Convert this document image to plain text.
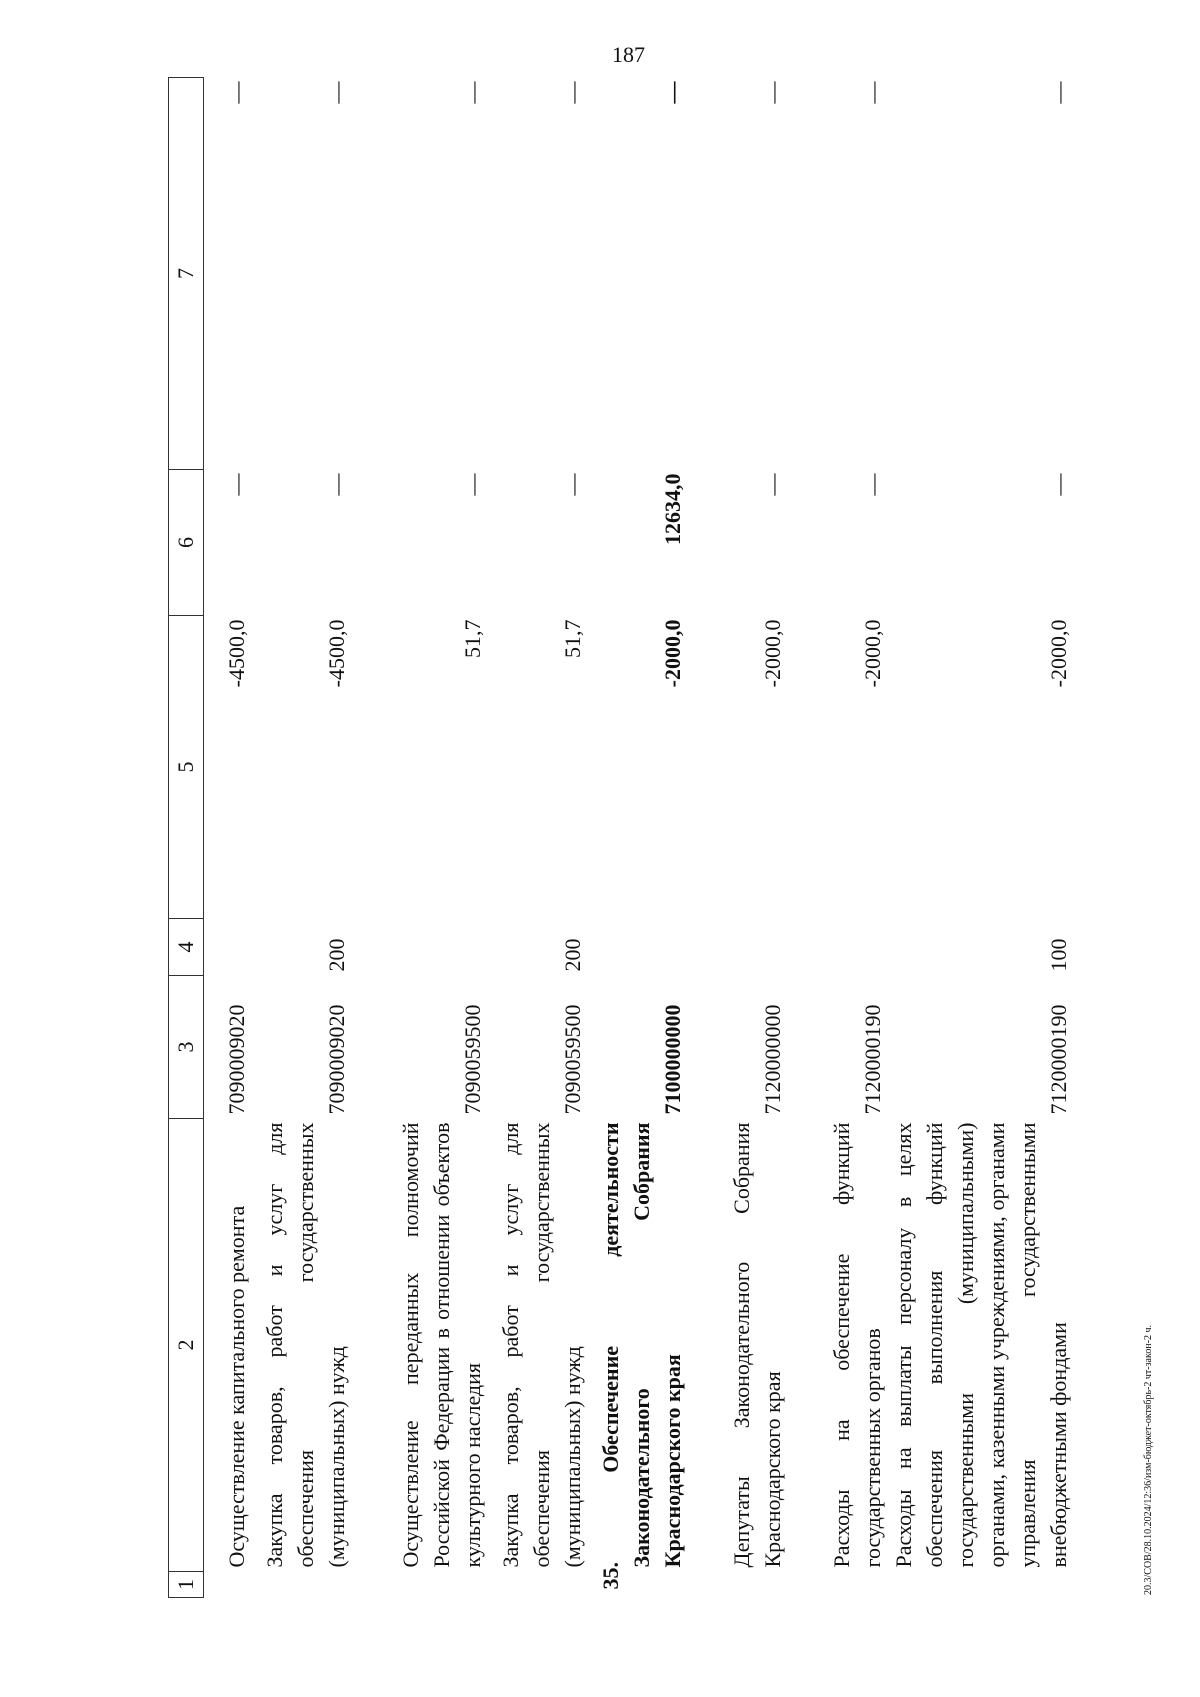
187
20.3/СОВ/28.10.2024/12:36/изм-бюджет-октябрь-2 чт-закон-2 ч.
1	2	3	4	5	6	7
	Осуществление капитального ремонта	7090009020		-4500,0	—	—
	Закупка товаров, работ и услуг для обеспечения государственных (муниципальных) нужд	7090009020	200	-4500,0	—	—
	Осуществление переданных полномочий Российской Федерации в отношении объектов культурного наследия	7090059500		51,7	—	—
	Закупка товаров, работ и услуг для обеспечения государственных (муниципальных) нужд	7090059500	200	51,7	—	—
	35. Обеспечение деятельности Законодательного Собрания Краснодарского края	7100000000		-2000,0	12634,0	—
	Депутаты Законодательного Собрания Краснодарского края	7120000000		-2000,0	—	—
	Расходы на обеспечение функций государственных органов	7120000190		-2000,0	—	—
	Расходы на выплаты персоналу в целях обеспечения выполнения функций государственными (муниципальными) органами, казенными учреждениями, органами управления государственными внебюджетными фондами	7120000190	100	-2000,0	—	—
